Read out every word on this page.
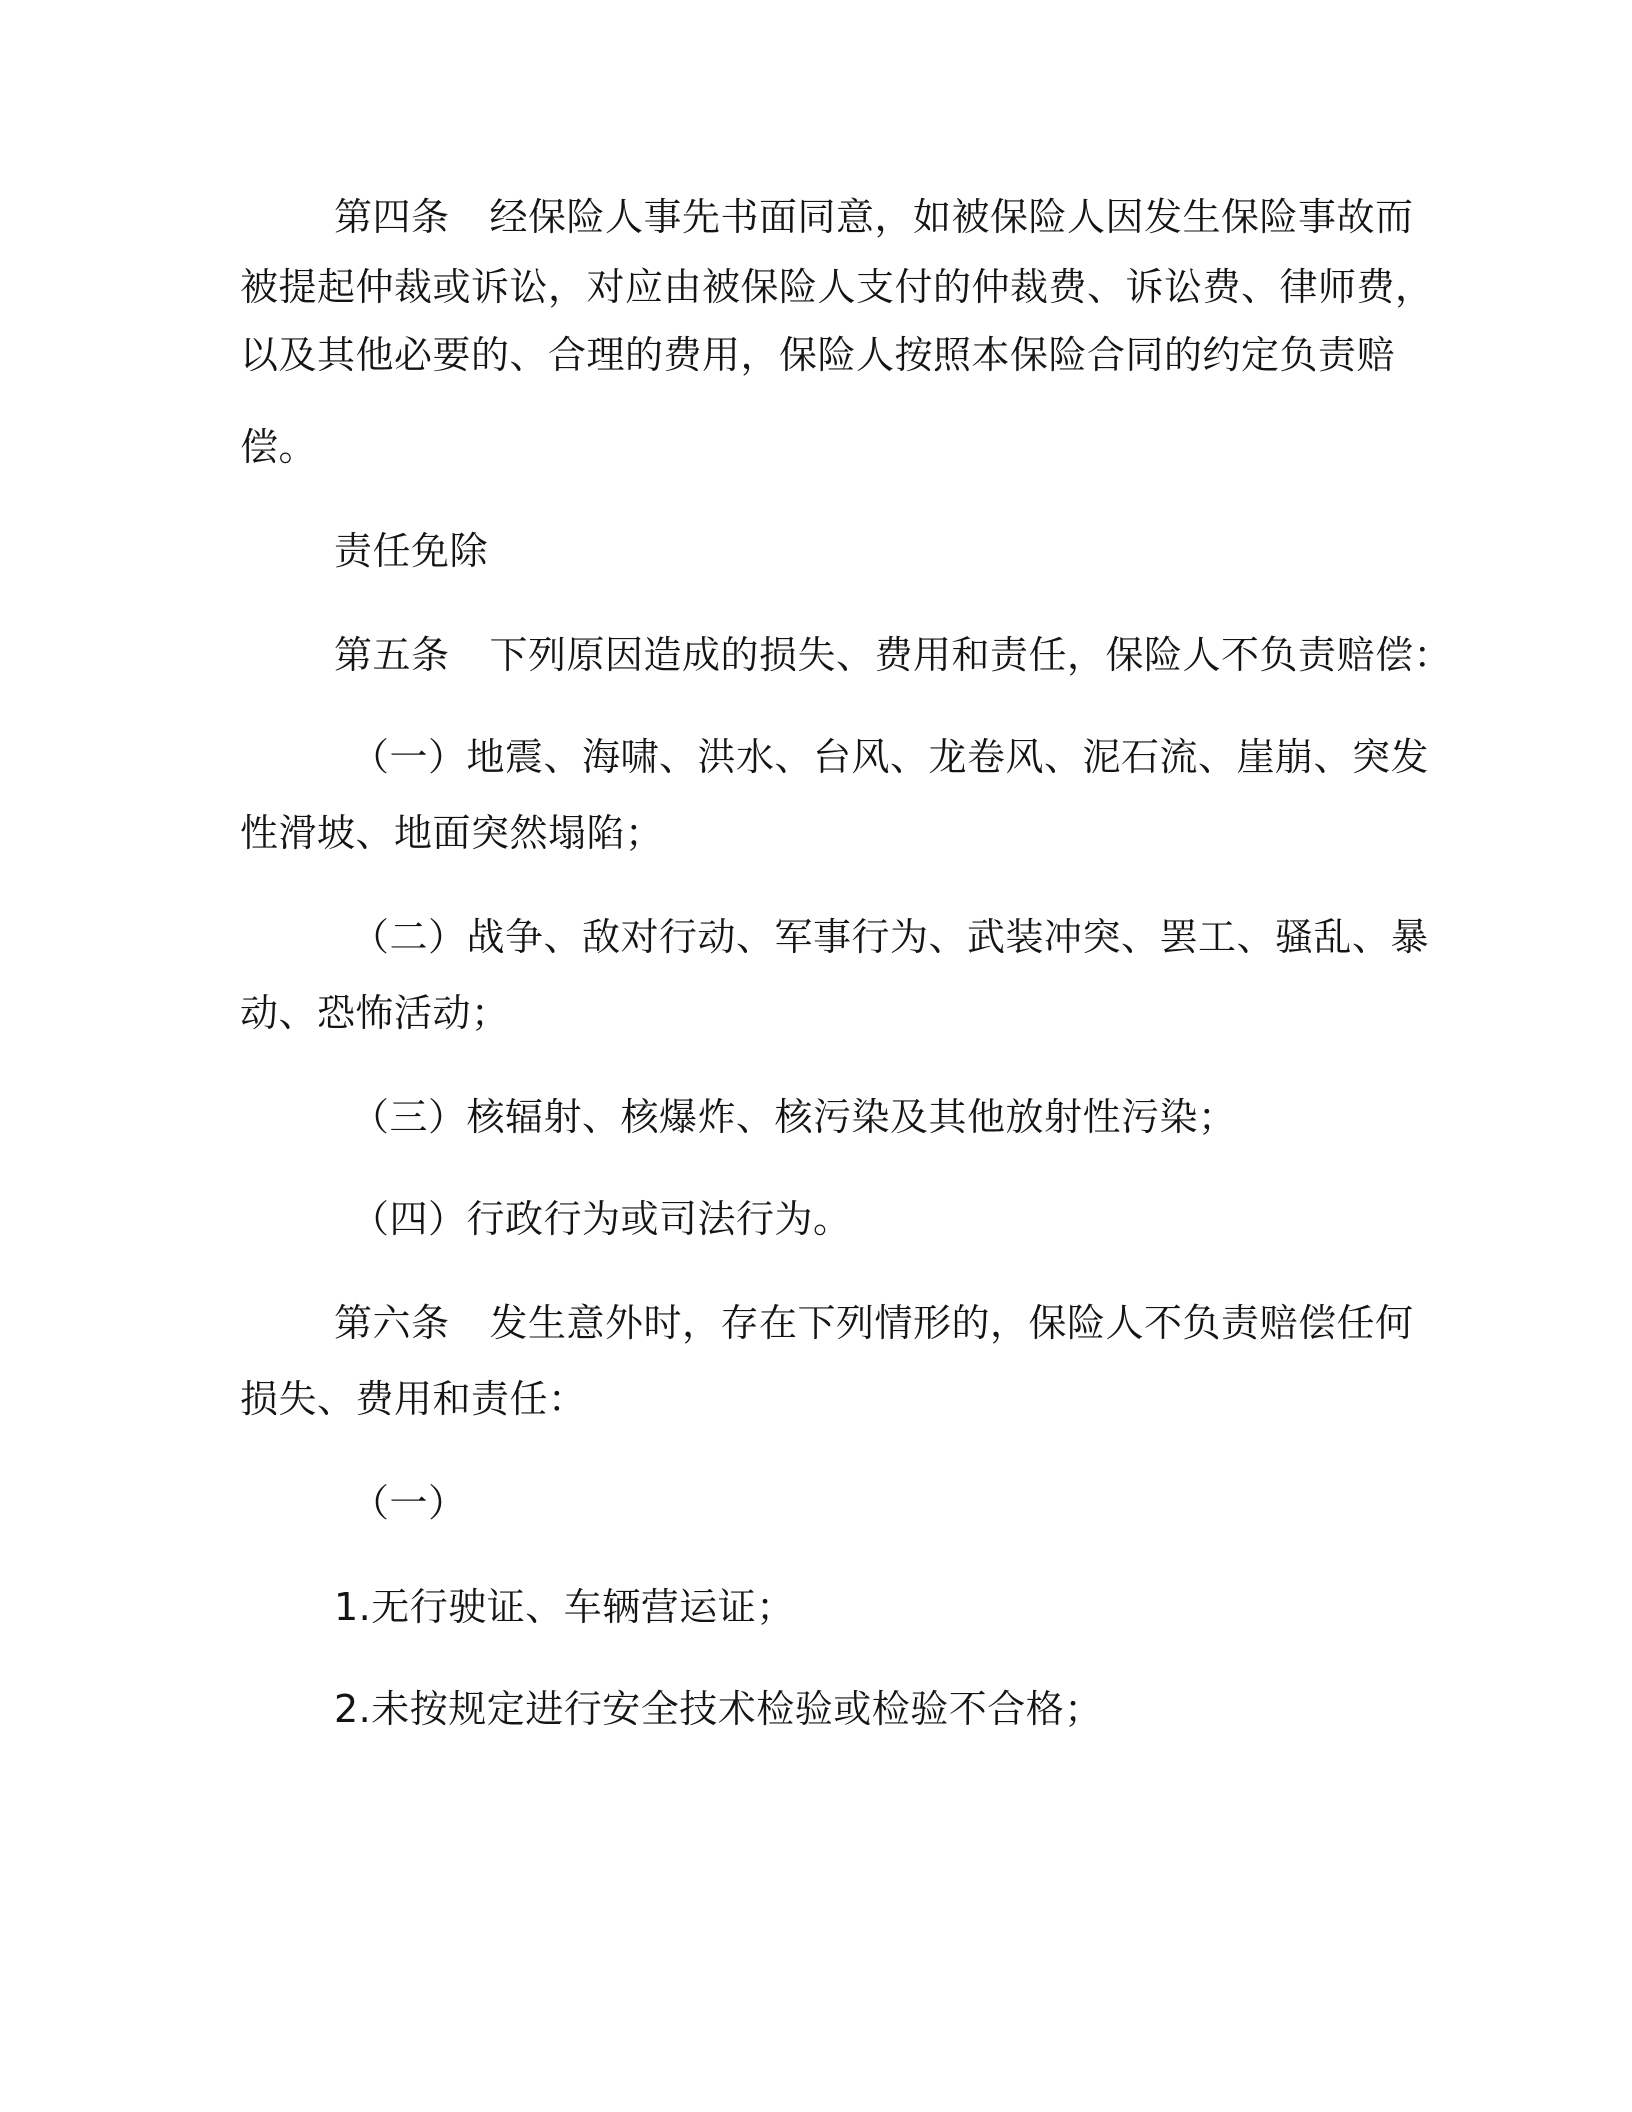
第四条 经保险人事先书面同意，如被保险人因发生保险事故而
被提起仲裁或诉讼，对应由被保险人支付的仲裁费、诉讼费、律师费，
以及其他必要的、合理的费用，保险人按照本保险合同的约定负责赔
偿。
责任免除
第五条 下列原因造成的损失、费用和责任，保险人不负责赔偿：
（一）地震、海啸、洪水、台风、龙卷风、泥石流、崖崩、突发
性滑坡、地面突然塌陷；
（二）战争、敌对行动、军事行为、武装冲突、罢工、骚乱、暴
动、恐怖活动；
（三）核辐射、核爆炸、核污染及其他放射性污染；
（四）行政行为或司法行为。
第六条 发生意外时，存在下列情形的，保险人不负责赔偿任何
损失、费用和责任：
（一）
1.无行驶证、车辆营运证；
2.未按规定进行安全技术检验或检验不合格；
